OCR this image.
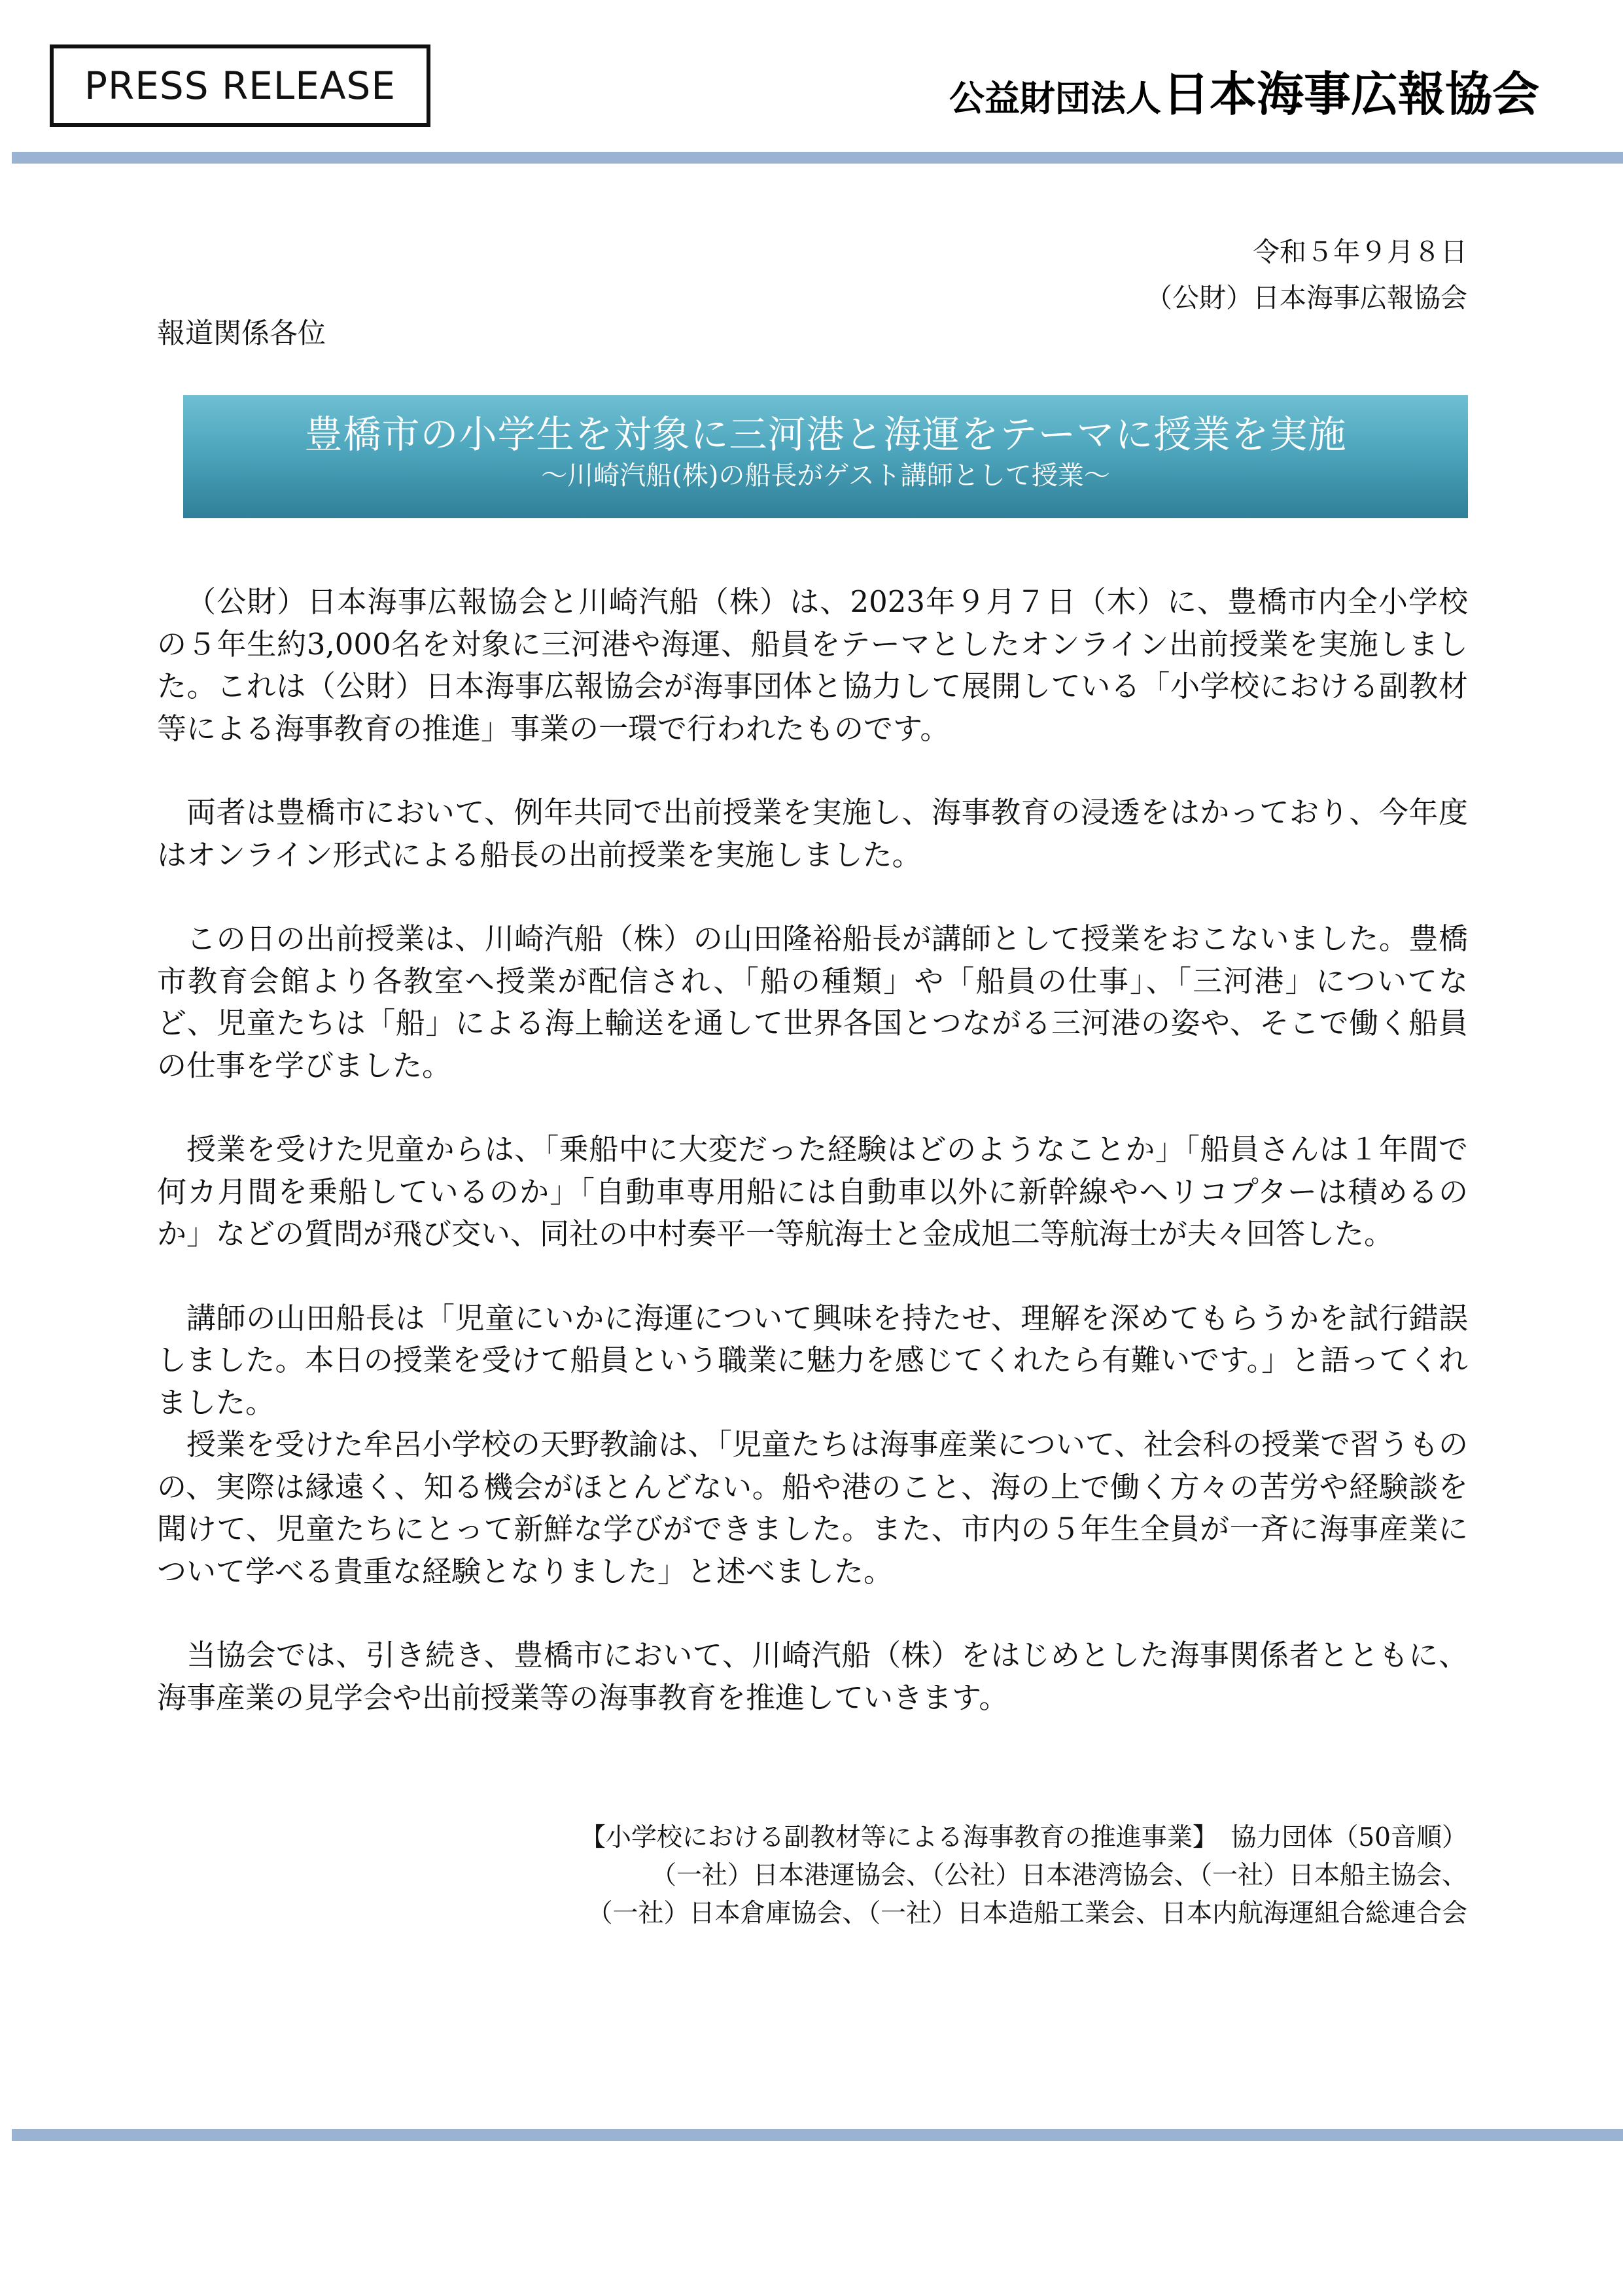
PRESS RELEASE	公益財団法人日本海事広報協会
令和５年９月８日
（公財）日本海事広報協会
報道関係各位
豊橋市の小学生を対象に三河港と海運をテーマに授業を実施
～川崎汽船(株)の船長がゲスト講師として授業～

（公財）日本海事広報協会と川崎汽船（株）は、2023年９月７日（木）に、豊橋市内全小学校の５年生約3,000名を対象に三河港や海運、船員をテーマとしたオンライン出前授業を実施しました。これは（公財）日本海事広報協会が海事団体と協力して展開している「小学校における副教材等による海事教育の推進」事業の一環で行われたものです。

両者は豊橋市において、例年共同で出前授業を実施し、海事教育の浸透をはかっており、今年度はオンライン形式による船長の出前授業を実施しました。

この日の出前授業は、川崎汽船（株）の山田隆裕船長が講師として授業をおこないました。豊橋市教育会館より各教室へ授業が配信され、「船の種類」や「船員の仕事」、「三河港」についてなど、児童たちは「船」による海上輸送を通して世界各国とつながる三河港の姿や、そこで働く船員の仕事を学びました。

授業を受けた児童からは、「乗船中に大変だった経験はどのようなことか」「船員さんは１年間で何カ月間を乗船しているのか」「自動車専用船には自動車以外に新幹線やヘリコプターは積めるのか」などの質問が飛び交い、同社の中村奏平一等航海士と金成旭二等航海士が夫々回答した。

講師の山田船長は「児童にいかに海運について興味を持たせ、理解を深めてもらうかを試行錯誤しました。本日の授業を受けて船員という職業に魅力を感じてくれたら有難いです。」と語ってくれました。

授業を受けた牟呂小学校の天野教諭は、「児童たちは海事産業について、社会科の授業で習うものの、実際は縁遠く、知る機会がほとんどない。船や港のこと、海の上で働く方々の苦労や経験談を聞けて、児童たちにとって新鮮な学びができました。また、市内の５年生全員が一斉に海事産業について学べる貴重な経験となりました」と述べました。

当協会では、引き続き、豊橋市において、川崎汽船（株）をはじめとした海事関係者とともに、海事産業の見学会や出前授業等の海事教育を推進していきます。

【小学校における副教材等による海事教育の推進事業】　協力団体（50音順）
（一社）日本港運協会、（公社）日本港湾協会、（一社）日本船主協会、
（一社）日本倉庫協会、（一社）日本造船工業会、日本内航海運組合総連合会
